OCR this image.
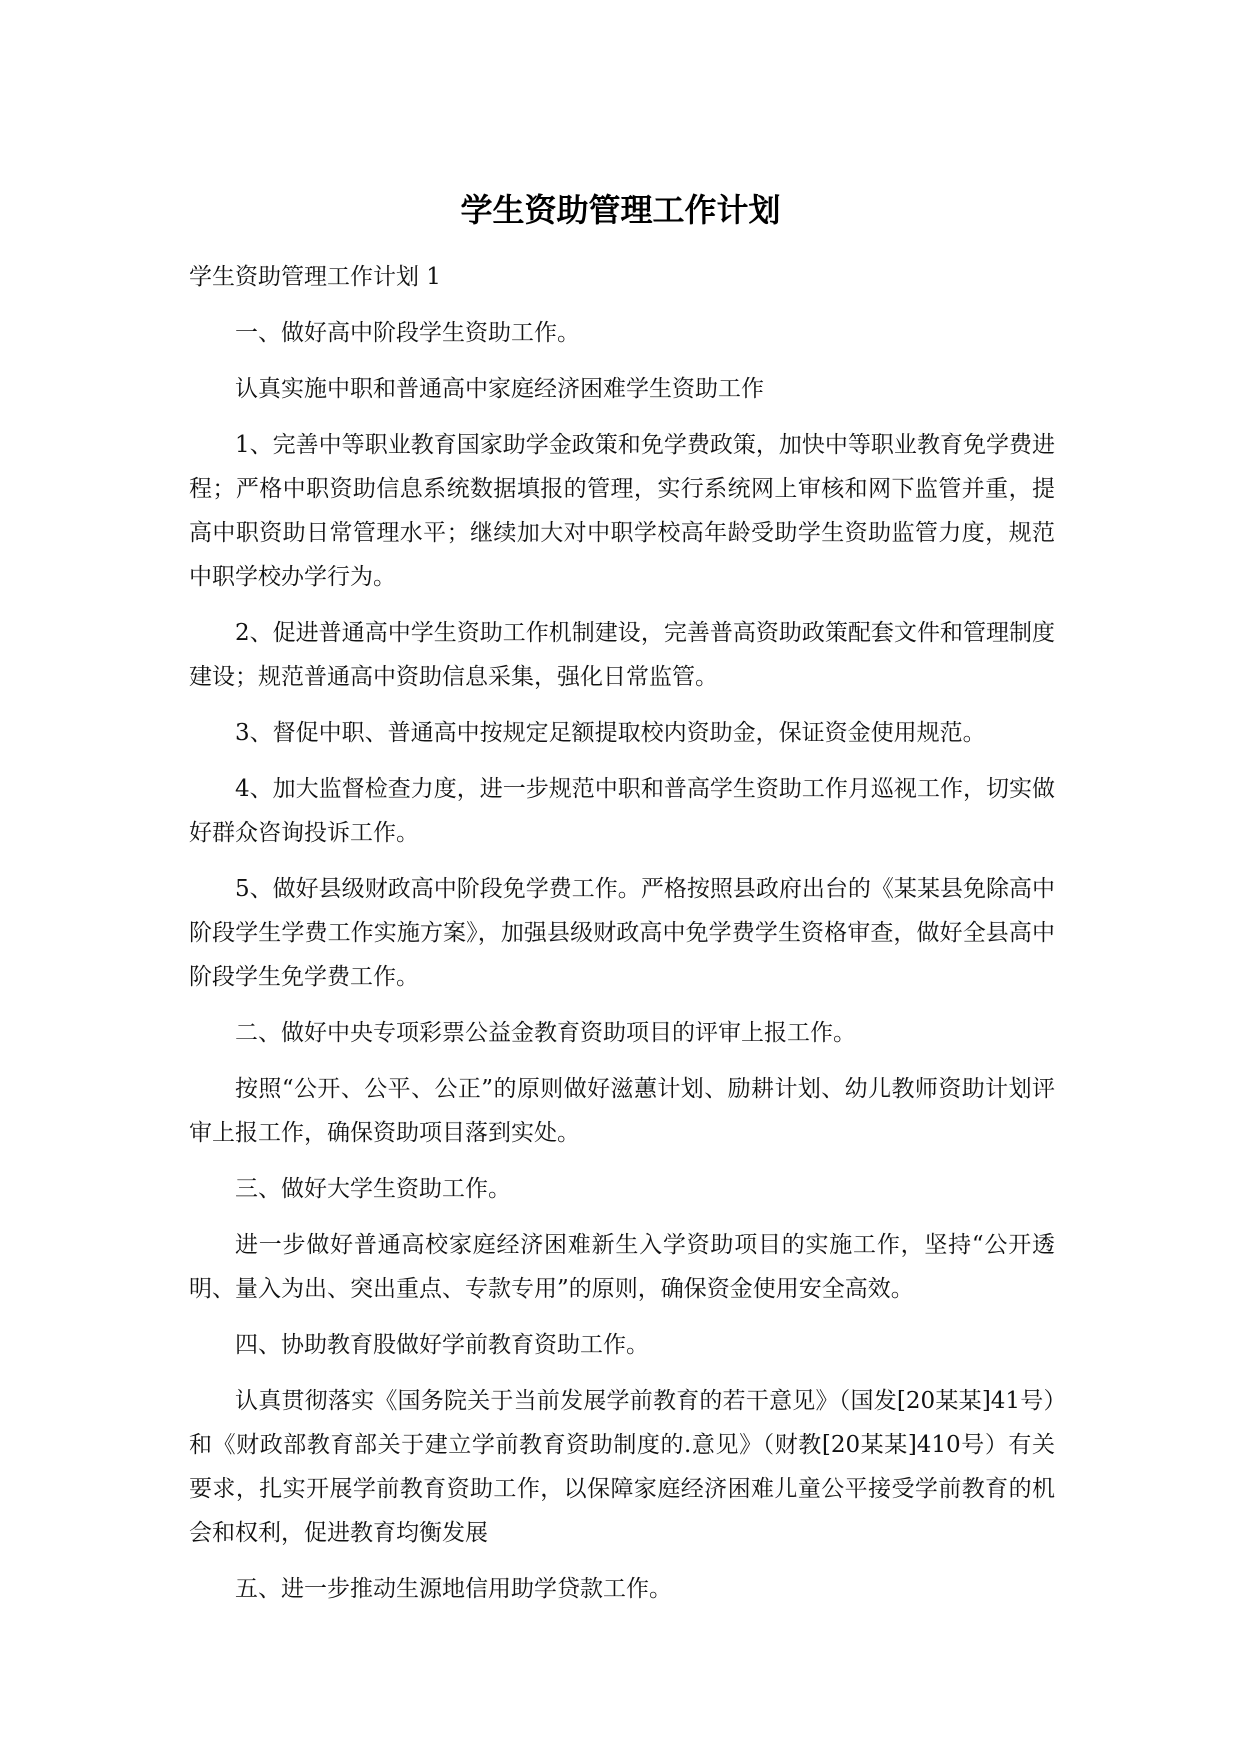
学生资助管理工作计划

学生资助管理工作计划 1

一、做好高中阶段学生资助工作。

认真实施中职和普通高中家庭经济困难学生资助工作

1、完善中等职业教育国家助学金政策和免学费政策，加快中等职业教育免学费进程；严格中职资助信息系统数据填报的管理，实行系统网上审核和网下监管并重，提高中职资助日常管理水平；继续加大对中职学校高年龄受助学生资助监管力度，规范中职学校办学行为。

2、促进普通高中学生资助工作机制建设，完善普高资助政策配套文件和管理制度建设；规范普通高中资助信息采集，强化日常监管。

3、督促中职、普通高中按规定足额提取校内资助金，保证资金使用规范。

4、加大监督检查力度，进一步规范中职和普高学生资助工作月巡视工作，切实做好群众咨询投诉工作。

5、做好县级财政高中阶段免学费工作。严格按照县政府出台的《某某县免除高中阶段学生学费工作实施方案》，加强县级财政高中免学费学生资格审查，做好全县高中阶段学生免学费工作。

二、做好中央专项彩票公益金教育资助项目的评审上报工作。

按照“公开、公平、公正”的原则做好滋蕙计划、励耕计划、幼儿教师资助计划评审上报工作，确保资助项目落到实处。

三、做好大学生资助工作。

进一步做好普通高校家庭经济困难新生入学资助项目的实施工作，坚持“公开透明、量入为出、突出重点、专款专用”的原则，确保资金使用安全高效。

四、协助教育股做好学前教育资助工作。

认真贯彻落实《国务院关于当前发展学前教育的若干意见》（国发[20某某]41号）和《财政部教育部关于建立学前教育资助制度的.意见》（财教[20某某]410号）有关要求，扎实开展学前教育资助工作，以保障家庭经济困难儿童公平接受学前教育的机会和权利，促进教育均衡发展

五、进一步推动生源地信用助学贷款工作。
